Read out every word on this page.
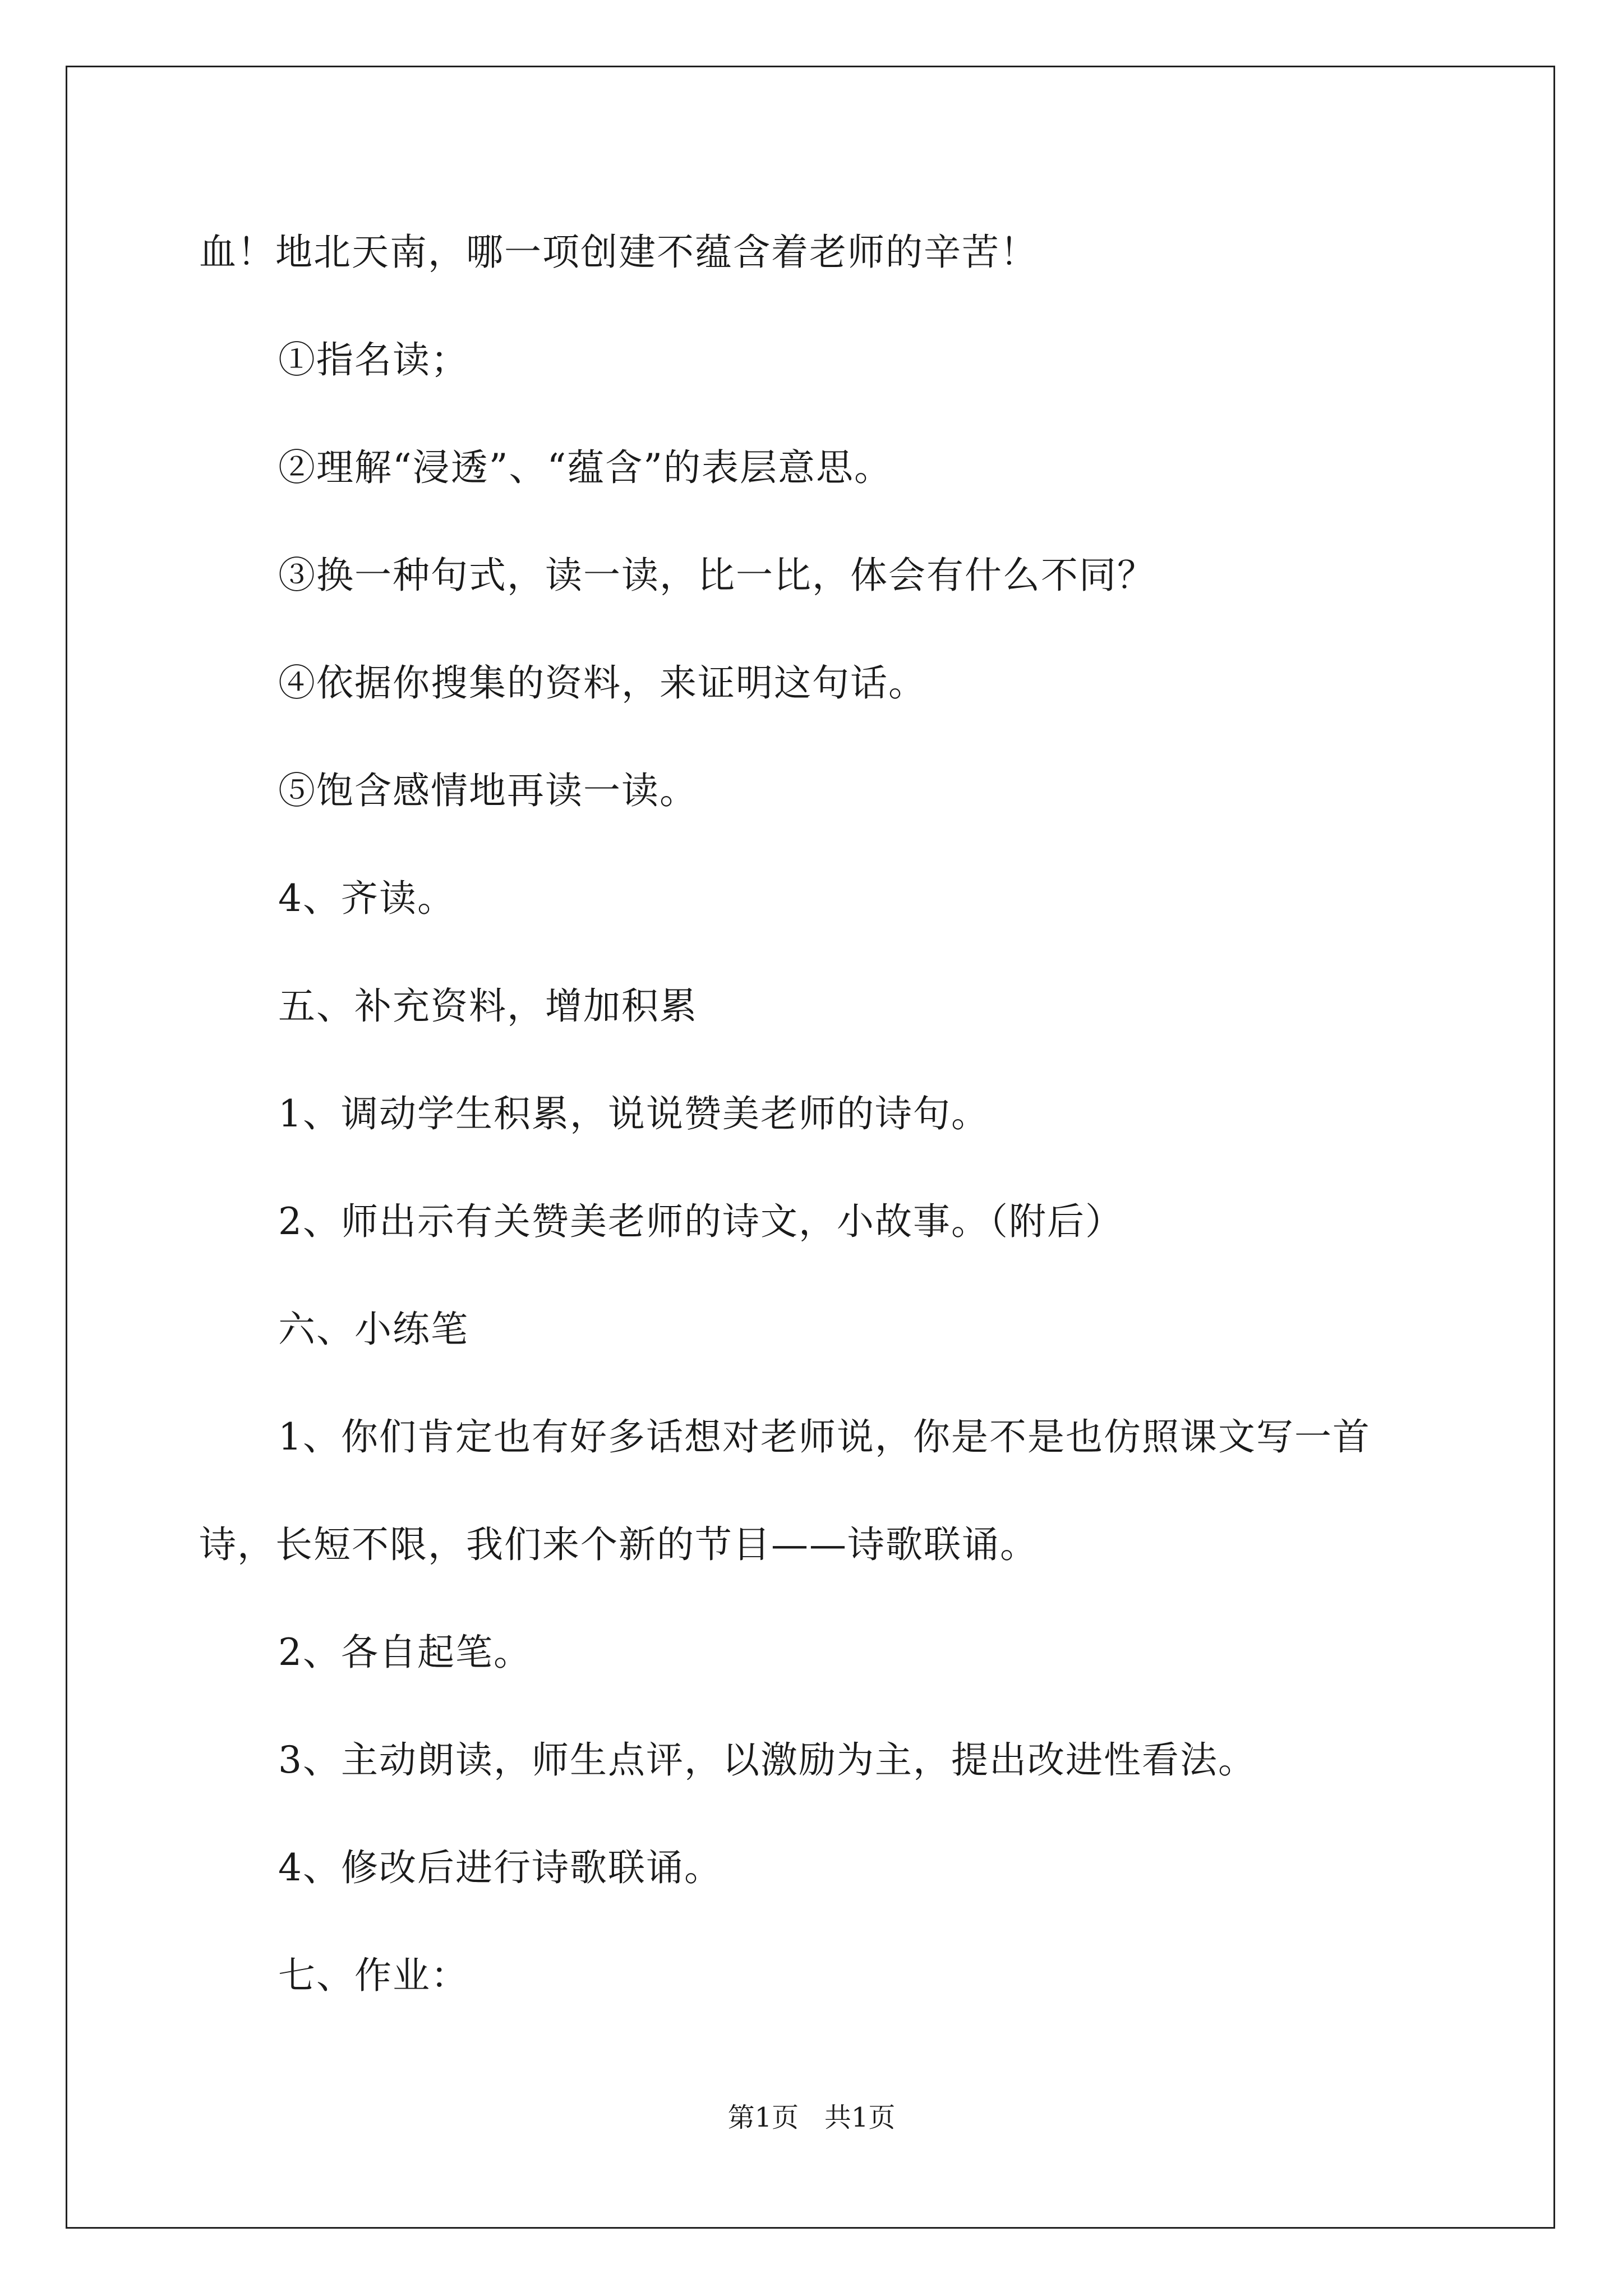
血！地北天南，哪一项创建不蕴含着老师的辛苦！

①指名读；

②理解“浸透”、“蕴含”的表层意思。

③换一种句式，读一读，比一比，体会有什么不同？

④依据你搜集的资料，来证明这句话。

⑤饱含感情地再读一读。

4、齐读。

五、补充资料，增加积累

1、调动学生积累，说说赞美老师的诗句。

2、师出示有关赞美老师的诗文，小故事。（附后）

六、小练笔

1、你们肯定也有好多话想对老师说，你是不是也仿照课文写一首

诗，长短不限，我们来个新的节目——诗歌联诵。

2、各自起笔。

3、主动朗读，师生点评，以激励为主，提出改进性看法。

4、修改后进行诗歌联诵。

七、作业：

第1页   共1页
